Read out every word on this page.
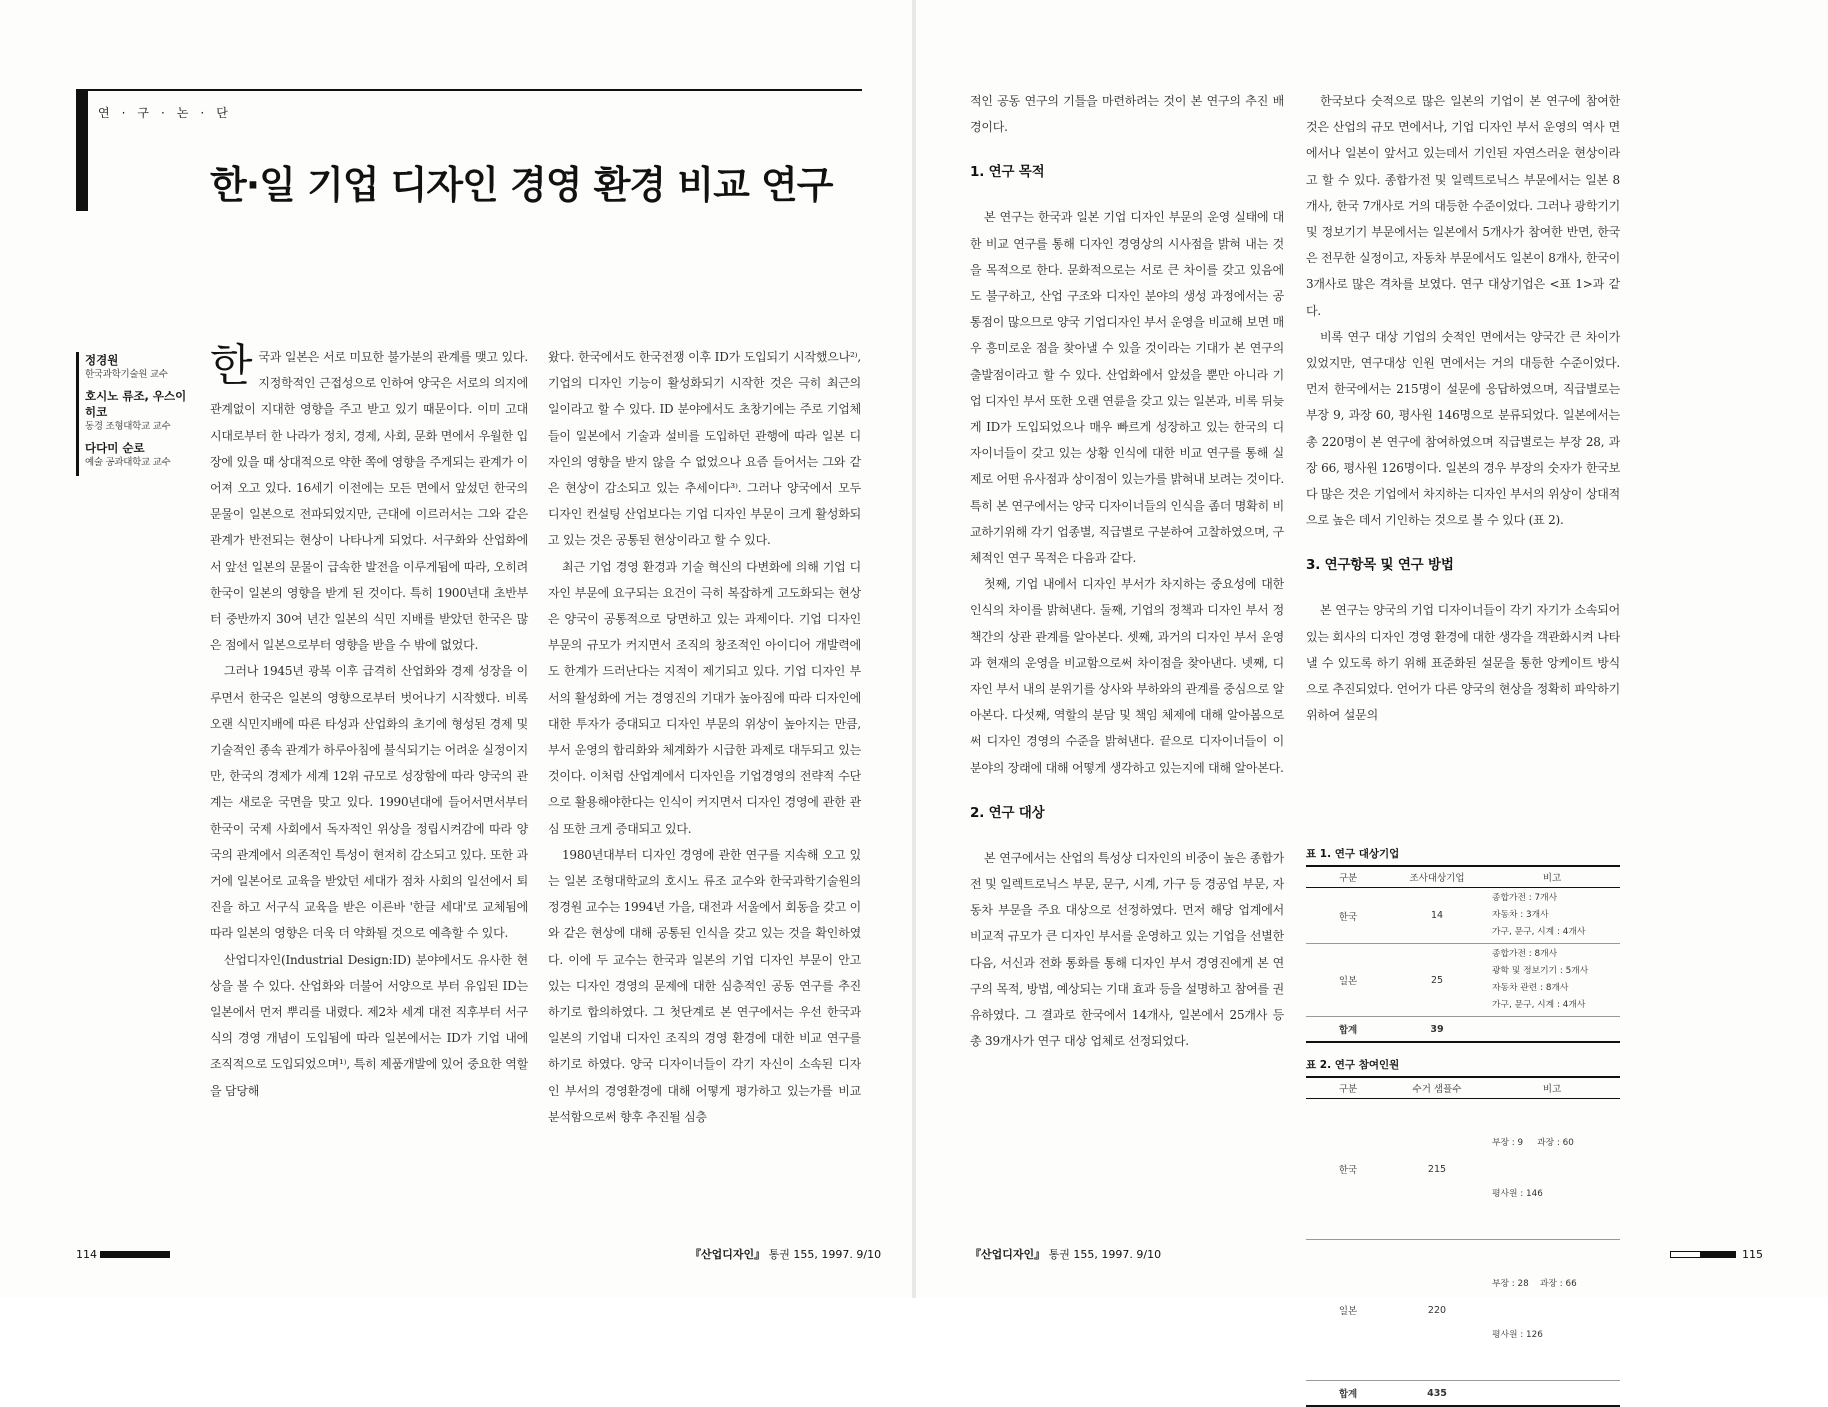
연·구·논·단
한·일 기업 디자인 경영 환경 비교 연구
정경원
한국과학기술원 교수
호시노 류조, 우스이 히코
동경 조형대학교 교수
다다미 순로
예술 공과대학교 교수

한국과 일본은 서로 미묘한 불가분의 관계를 맺고 있다. 지정학적인 근접성으로 인하여 양국은 서로의 의지에 관계없이 지대한 영향을 주고 받고 있기 때문이다. 이미 고대 시대로부터 한 나라가 정치, 경제, 사회, 문화 면에서 우월한 입장에 있을 때 상대적으로 약한 쪽에 영향을 주게되는 관계가 이어져 오고 있다. 16세기 이전에는 모든 면에서 앞섰던 한국의 문물이 일본으로 전파되었지만, 근대에 이르러서는 그와 같은 관계가 반전되는 현상이 나타나게 되었다. 서구화와 산업화에서 앞선 일본의 문물이 급속한 발전을 이루게됨에 따라, 오히려 한국이 일본의 영향을 받게 된 것이다. 특히 1900년대 초반부터 중반까지 30여 년간 일본의 식민 지배를 받았던 한국은 많은 점에서 일본으로부터 영향을 받을 수 밖에 없었다.

그러나 1945년 광복 이후 급격히 산업화와 경제 성장을 이루면서 한국은 일본의 영향으로부터 벗어나기 시작했다. 비록 오랜 식민지배에 따른 타성과 산업화의 초기에 형성된 경제 및 기술적인 종속 관계가 하루아침에 불식되기는 어려운 실정이지만, 한국의 경제가 세계 12위 규모로 성장함에 따라 양국의 관계는 새로운 국면을 맞고 있다. 1990년대에 들어서면서부터 한국이 국제 사회에서 독자적인 위상을 정립시켜감에 따라 양국의 관계에서 의존적인 특성이 현저히 감소되고 있다. 또한 과거에 일본어로 교육을 받았던 세대가 점차 사회의 일선에서 퇴진을 하고 서구식 교육을 받은 이른바 '한글 세대'로 교체됨에 따라 일본의 영향은 더욱 더 약화될 것으로 예측할 수 있다.

산업디자인(Industrial Design:ID) 분야에서도 유사한 현상을 볼 수 있다. 산업화와 더불어 서양으로 부터 유입된 ID는 일본에서 먼저 뿌리를 내렸다. 제2차 세계 대전 직후부터 서구식의 경영 개념이 도입됨에 따라 일본에서는 ID가 기업 내에 조직적으로 도입되었으며¹⁾, 특히 제품개발에 있어 중요한 역할을 담당해

왔다. 한국에서도 한국전쟁 이후 ID가 도입되기 시작했으나²⁾, 기업의 디자인 기능이 활성화되기 시작한 것은 극히 최근의 일이라고 할 수 있다. ID 분야에서도 초창기에는 주로 기업체들이 일본에서 기술과 설비를 도입하던 관행에 따라 일본 디자인의 영향을 받지 않을 수 없었으나 요즘 들어서는 그와 같은 현상이 감소되고 있는 추세이다³⁾. 그러나 양국에서 모두 디자인 컨설팅 산업보다는 기업 디자인 부문이 크게 활성화되고 있는 것은 공통된 현상이라고 할 수 있다.

최근 기업 경영 환경과 기술 혁신의 다변화에 의해 기업 디자인 부문에 요구되는 요건이 극히 복잡하게 고도화되는 현상은 양국이 공통적으로 당면하고 있는 과제이다. 기업 디자인 부문의 규모가 커지면서 조직의 창조적인 아이디어 개발력에도 한계가 드러난다는 지적이 제기되고 있다. 기업 디자인 부서의 활성화에 거는 경영진의 기대가 높아짐에 따라 디자인에 대한 투자가 증대되고 디자인 부문의 위상이 높아지는 만큼, 부서 운영의 합리화와 체계화가 시급한 과제로 대두되고 있는 것이다. 이처럼 산업계에서 디자인을 기업경영의 전략적 수단으로 활용해야한다는 인식이 커지면서 디자인 경영에 관한 관심 또한 크게 증대되고 있다.

1980년대부터 디자인 경영에 관한 연구를 지속해 오고 있는 일본 조형대학교의 호시노 류조 교수와 한국과학기술원의 정경원 교수는 1994년 가을, 대전과 서울에서 회동을 갖고 이와 같은 현상에 대해 공통된 인식을 갖고 있는 것을 확인하였다. 이에 두 교수는 한국과 일본의 기업 디자인 부문이 안고 있는 디자인 경영의 문제에 대한 심층적인 공동 연구를 추진하기로 합의하였다. 그 첫단계로 본 연구에서는 우선 한국과 일본의 기업내 디자인 조직의 경영 환경에 대한 비교 연구를 하기로 하였다. 양국 디자이너들이 각기 자신이 소속된 디자인 부서의 경영환경에 대해 어떻게 평가하고 있는가를 비교 분석함으로써 향후 추진될 심층

적인 공동 연구의 기틀을 마련하려는 것이 본 연구의 추진 배경이다.

1. 연구 목적

본 연구는 한국과 일본 기업 디자인 부문의 운영 실태에 대한 비교 연구를 통해 디자인 경영상의 시사점을 밝혀 내는 것을 목적으로 한다. 문화적으로는 서로 큰 차이를 갖고 있음에도 불구하고, 산업 구조와 디자인 분야의 생성 과정에서는 공통점이 많으므로 양국 기업디자인 부서 운영을 비교해 보면 매우 흥미로운 점을 찾아낼 수 있을 것이라는 기대가 본 연구의 출발점이라고 할 수 있다. 산업화에서 앞섰을 뿐만 아니라 기업 디자인 부서 또한 오랜 연륜을 갖고 있는 일본과, 비록 뒤늦게 ID가 도입되었으나 매우 빠르게 성장하고 있는 한국의 디자이너들이 갖고 있는 상황 인식에 대한 비교 연구를 통해 실제로 어떤 유사점과 상이점이 있는가를 밝혀내 보려는 것이다. 특히 본 연구에서는 양국 디자이너들의 인식을 좀더 명확히 비교하기위해 각기 업종별, 직급별로 구분하여 고찰하였으며, 구체적인 연구 목적은 다음과 같다.

첫째, 기업 내에서 디자인 부서가 차지하는 중요성에 대한 인식의 차이를 밝혀낸다. 둘째, 기업의 정책과 디자인 부서 정책간의 상관 관계를 알아본다. 셋째, 과거의 디자인 부서 운영과 현재의 운영을 비교함으로써 차이점을 찾아낸다. 넷째, 디자인 부서 내의 분위기를 상사와 부하와의 관계를 중심으로 알아본다. 다섯째, 역할의 분담 및 책임 체제에 대해 알아봄으로써 디자인 경영의 수준을 밝혀낸다. 끝으로 디자이너들이 이 분야의 장래에 대해 어떻게 생각하고 있는지에 대해 알아본다.

2. 연구 대상

본 연구에서는 산업의 특성상 디자인의 비중이 높은 종합가전 및 일렉트로닉스 부문, 문구, 시계, 가구 등 경공업 부문, 자동차 부문을 주요 대상으로 선정하였다. 먼저 해당 업계에서 비교적 규모가 큰 디자인 부서를 운영하고 있는 기업을 선별한 다음, 서신과 전화 통화를 통해 디자인 부서 경영진에게 본 연구의 목적, 방법, 예상되는 기대 효과 등을 설명하고 참여를 권유하였다. 그 결과로 한국에서 14개사, 일본에서 25개사 등 총 39개사가 연구 대상 업체로 선정되었다.

한국보다 숫적으로 많은 일본의 기업이 본 연구에 참여한 것은 산업의 규모 면에서나, 기업 디자인 부서 운영의 역사 면에서나 일본이 앞서고 있는데서 기인된 자연스러운 현상이라고 할 수 있다. 종합가전 및 일렉트로닉스 부문에서는 일본 8개사, 한국 7개사로 거의 대등한 수준이었다. 그러나 광학기기 및 정보기기 부문에서는 일본에서 5개사가 참여한 반면, 한국은 전무한 실정이고, 자동차 부문에서도 일본이 8개사, 한국이 3개사로 많은 격차를 보였다. 연구 대상기업은 <표 1>과 같다.

비록 연구 대상 기업의 숫적인 면에서는 양국간 큰 차이가 있었지만, 연구대상 인원 면에서는 거의 대등한 수준이었다. 먼저 한국에서는 215명이 설문에 응답하였으며, 직급별로는 부장 9, 과장 60, 평사원 146명으로 분류되었다. 일본에서는 총 220명이 본 연구에 참여하였으며 직급별로는 부장 28, 과장 66, 평사원 126명이다. 일본의 경우 부장의 숫자가 한국보다 많은 것은 기업에서 차지하는 디자인 부서의 위상이 상대적으로 높은 데서 기인하는 것으로 볼 수 있다 (표 2).

3. 연구항목 및 연구 방법

본 연구는 양국의 기업 디자이너들이 각기 자기가 소속되어 있는 회사의 디자인 경영 환경에 대한 생각을 객관화시켜 나타낼 수 있도록 하기 위해 표준화된 설문을 통한 앙케이트 방식으로 추진되었다. 언어가 다른 양국의 현상을 정확히 파악하기 위하여 설문의

표 1. 연구 대상기업
구분	조사대상기업	비고
한국	14	종합가전 : 7개사
자동차 : 3개사
가구, 문구, 시계 : 4개사

일본	25	종합가전 : 8개사
광학 및 정보기기 : 5개사
자동차 관련 : 8개사
가구, 문구, 시계 : 4개사

합계	39	
표 2. 연구 참여인원
구분	수거 샘플수	비고
한국	215	부장 : 9     과장 : 60

평사원 : 146

일본	220	부장 : 28    과장 : 66

평사원 : 126

합계	435	
114	『산업디자인』 통권 155, 1997. 9/10	『산업디자인』 통권 155, 1997. 9/10	115
